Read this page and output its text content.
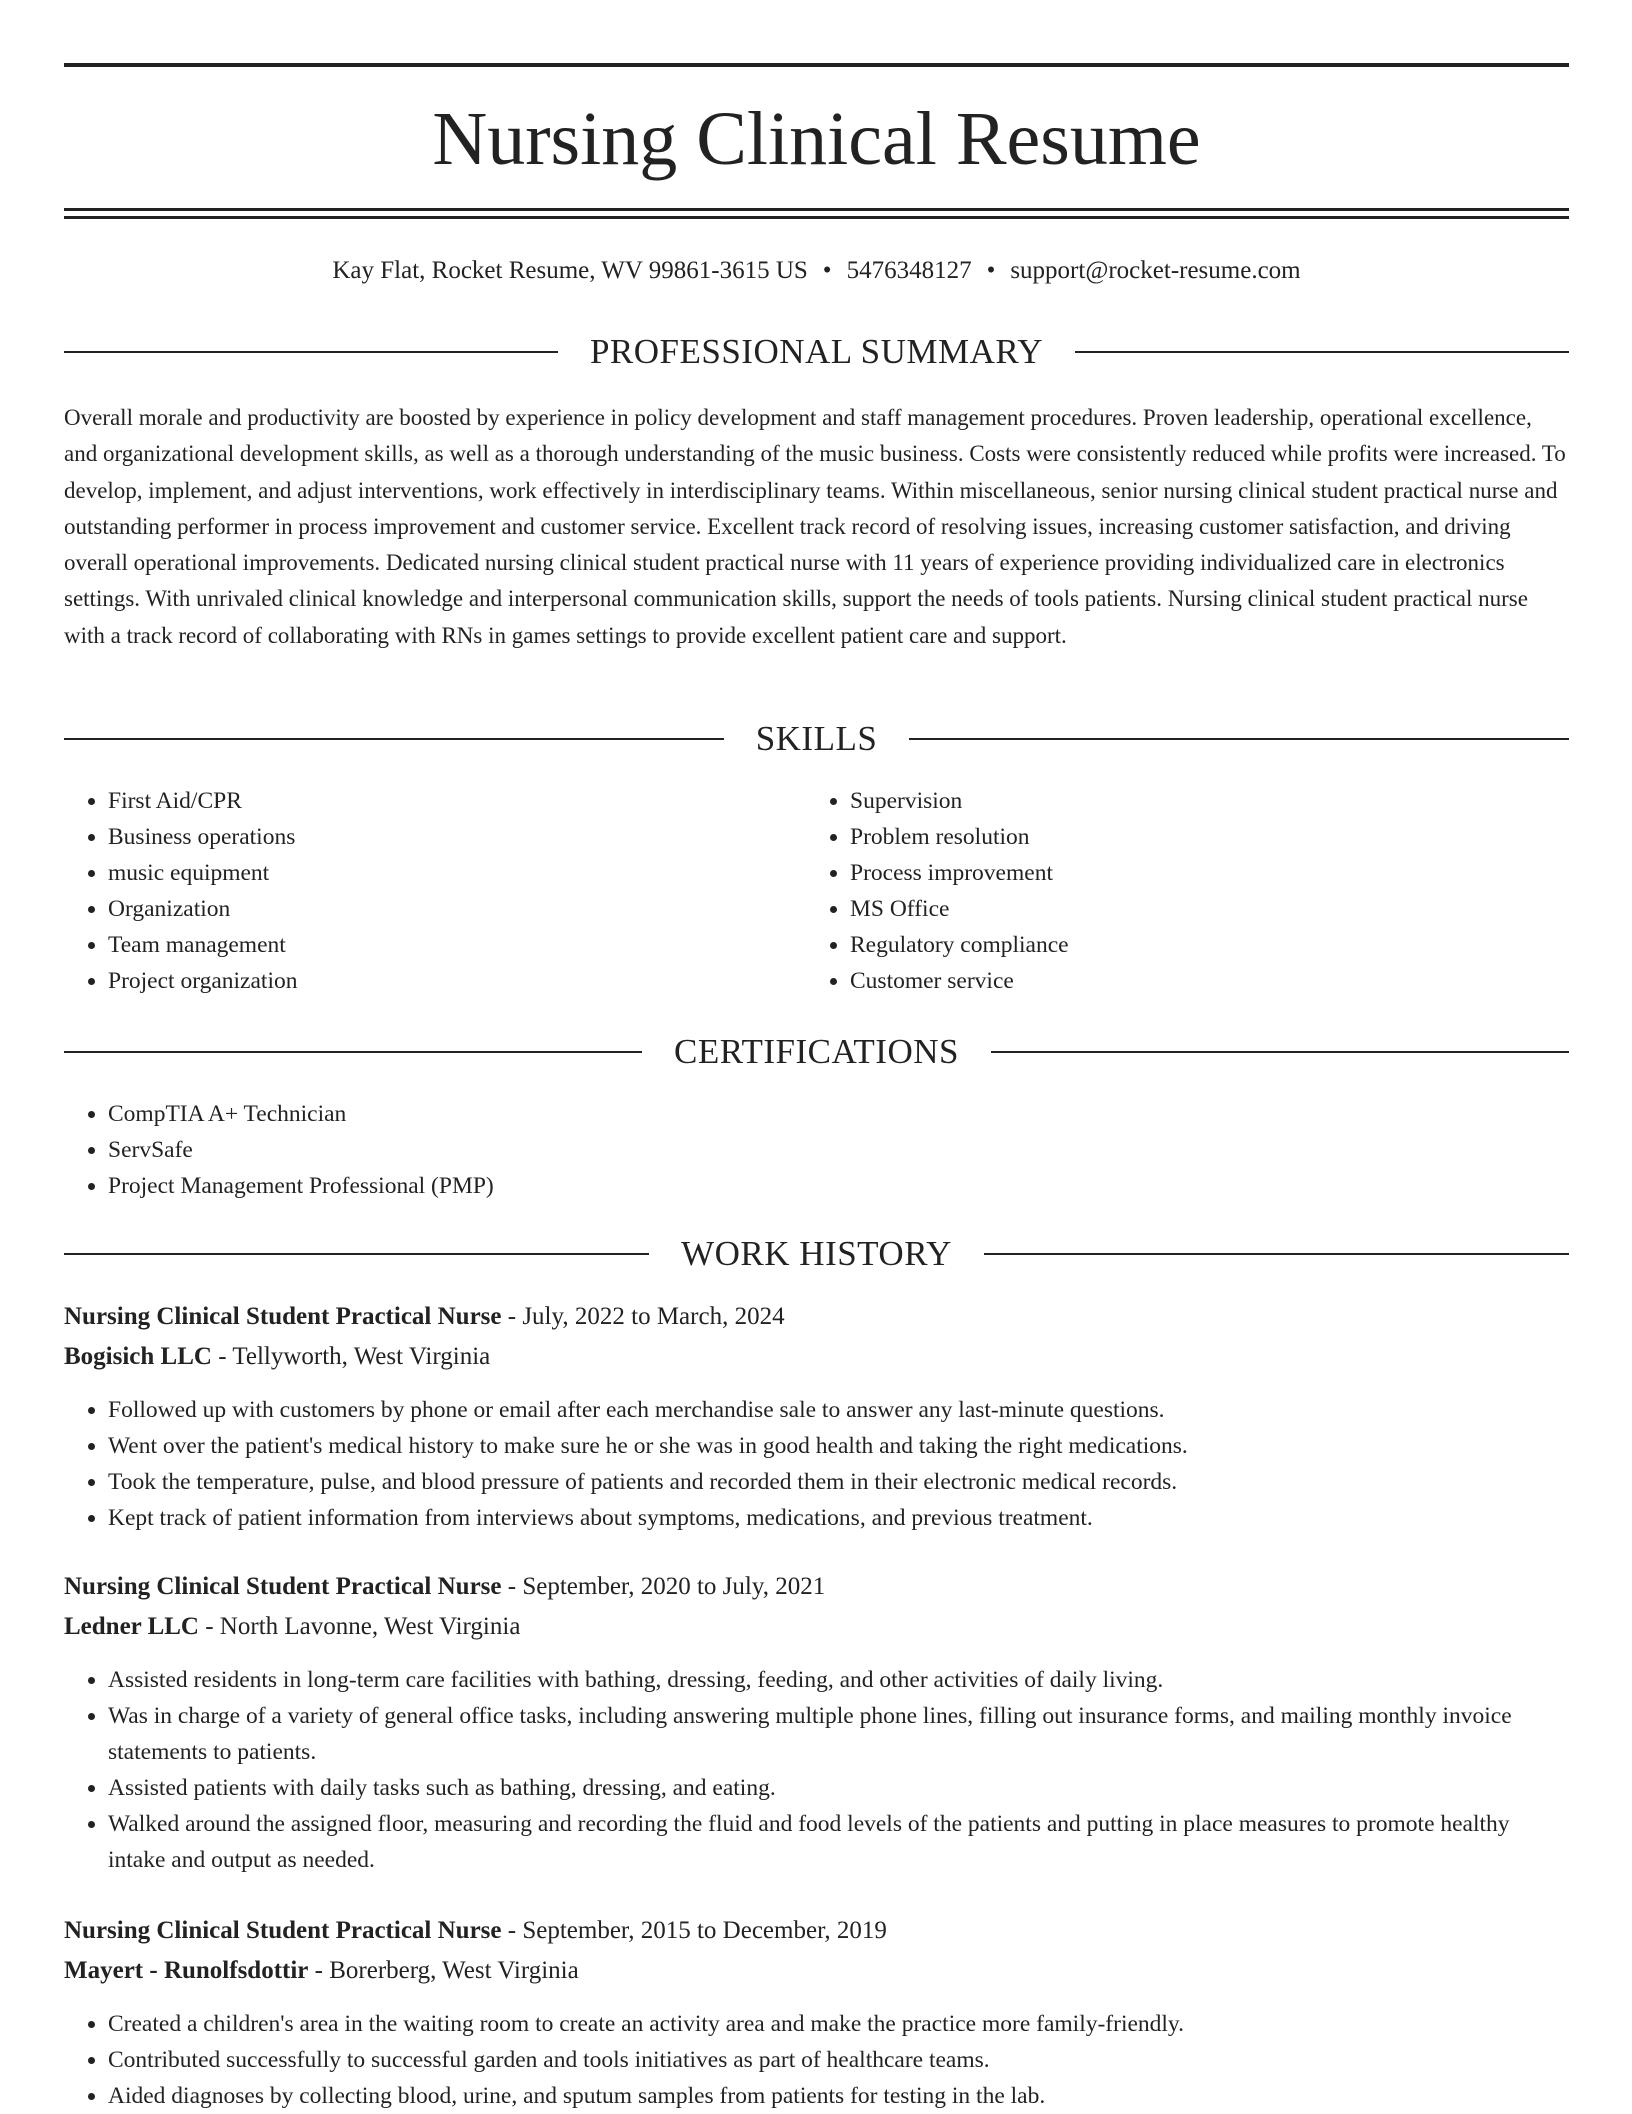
Nursing Clinical Resume
Kay Flat, Rocket Resume, WV 99861-3615 US • 5476348127 • support@rocket-resume.com
PROFESSIONAL SUMMARY

Overall morale and productivity are boosted by experience in policy development and staff management procedures. Proven leadership, operational excellence, and organizational development skills, as well as a thorough understanding of the music business. Costs were consistently reduced while profits were increased. To develop, implement, and adjust interventions, work effectively in interdisciplinary teams. Within miscellaneous, senior nursing clinical student practical nurse and outstanding performer in process improvement and customer service. Excellent track record of resolving issues, increasing customer satisfaction, and driving overall operational improvements. Dedicated nursing clinical student practical nurse with 11 years of experience providing individualized care in electronics settings. With unrivaled clinical knowledge and interpersonal communication skills, support the needs of tools patients. Nursing clinical student practical nurse with a track record of collaborating with RNs in games settings to provide excellent patient care and support.

SKILLS
• First Aid/CPR
• Business operations
• music equipment
• Organization
• Team management
• Project organization
• Supervision
• Problem resolution
• Process improvement
• MS Office
• Regulatory compliance
• Customer service
CERTIFICATIONS
• CompTIA A+ Technician
• ServSafe
• Project Management Professional (PMP)
WORK HISTORY
Nursing Clinical Student Practical Nurse - July, 2022 to March, 2024
Bogisich LLC - Tellyworth, West Virginia
• Followed up with customers by phone or email after each merchandise sale to answer any last-minute questions.
• Went over the patient's medical history to make sure he or she was in good health and taking the right medications.
• Took the temperature, pulse, and blood pressure of patients and recorded them in their electronic medical records.
• Kept track of patient information from interviews about symptoms, medications, and previous treatment.
Nursing Clinical Student Practical Nurse - September, 2020 to July, 2021
Ledner LLC - North Lavonne, West Virginia
• Assisted residents in long-term care facilities with bathing, dressing, feeding, and other activities of daily living.
• Was in charge of a variety of general office tasks, including answering multiple phone lines, filling out insurance forms, and mailing monthly invoice statements to patients.
• Assisted patients with daily tasks such as bathing, dressing, and eating.
• Walked around the assigned floor, measuring and recording the fluid and food levels of the patients and putting in place measures to promote healthy intake and output as needed.
Nursing Clinical Student Practical Nurse - September, 2015 to December, 2019
Mayert - Runolfsdottir - Borerberg, West Virginia
• Created a children's area in the waiting room to create an activity area and make the practice more family-friendly.
• Contributed successfully to successful garden and tools initiatives as part of healthcare teams.
• Aided diagnoses by collecting blood, urine, and sputum samples from patients for testing in the lab.
